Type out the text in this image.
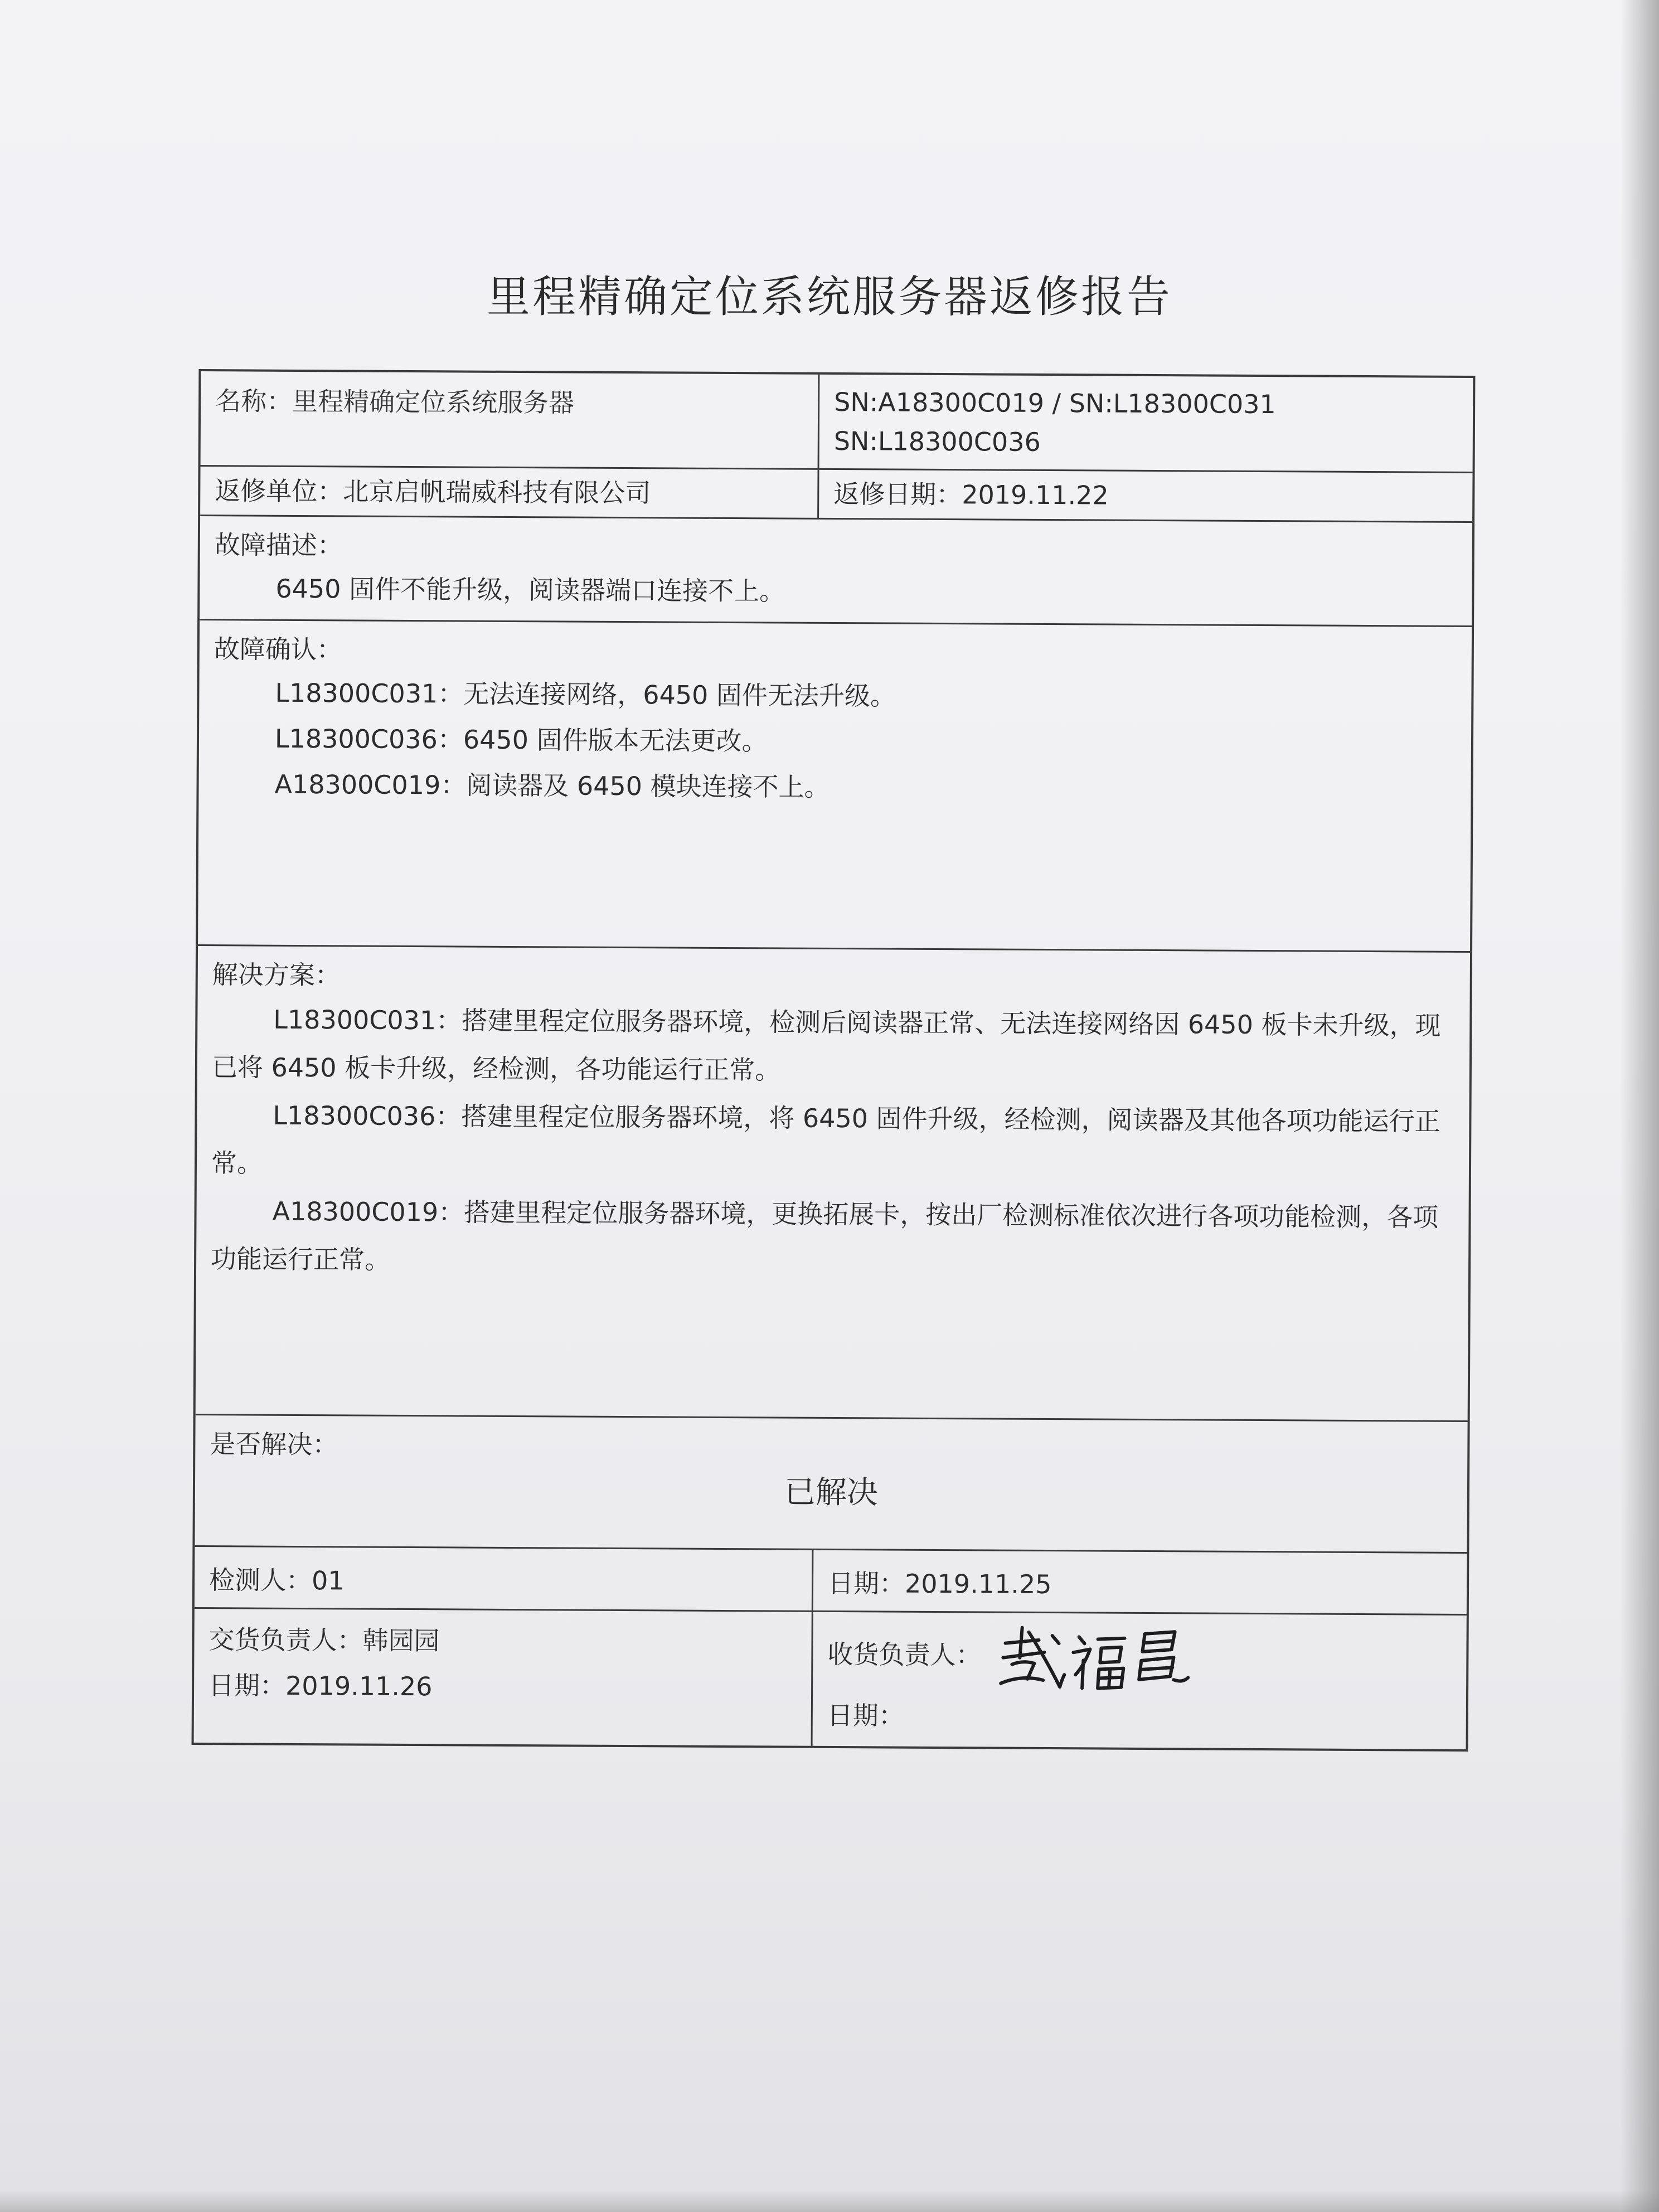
里程精确定位系统服务器返修报告
名称：里程精确定位系统服务器	SN:A18300C019 / SN:L18300C031
SN:L18300C036
返修单位：北京启帆瑞威科技有限公司	返修日期：2019.11.22
故障描述：
6450 固件不能升级，阅读器端口连接不上。
故障确认：
L18300C031：无法连接网络，6450 固件无法升级。
L18300C036：6450 固件版本无法更改。
A18300C019：阅读器及 6450 模块连接不上。
解决方案：
L18300C031：搭建里程定位服务器环境，检测后阅读器正常、无法连接网络因 6450 板卡未升级，现已将 6450 板卡升级，经检测，各功能运行正常。
L18300C036：搭建里程定位服务器环境，将 6450 固件升级，经检测，阅读器及其他各项功能运行正常。
A18300C019：搭建里程定位服务器环境，更换拓展卡，按出厂检测标准依次进行各项功能检测，各项功能运行正常。
是否解决：
已解决
检测人：01	日期：2019.11.25
交货负责人：韩园园
日期：2019.11.26
收货负责人：
日期：
